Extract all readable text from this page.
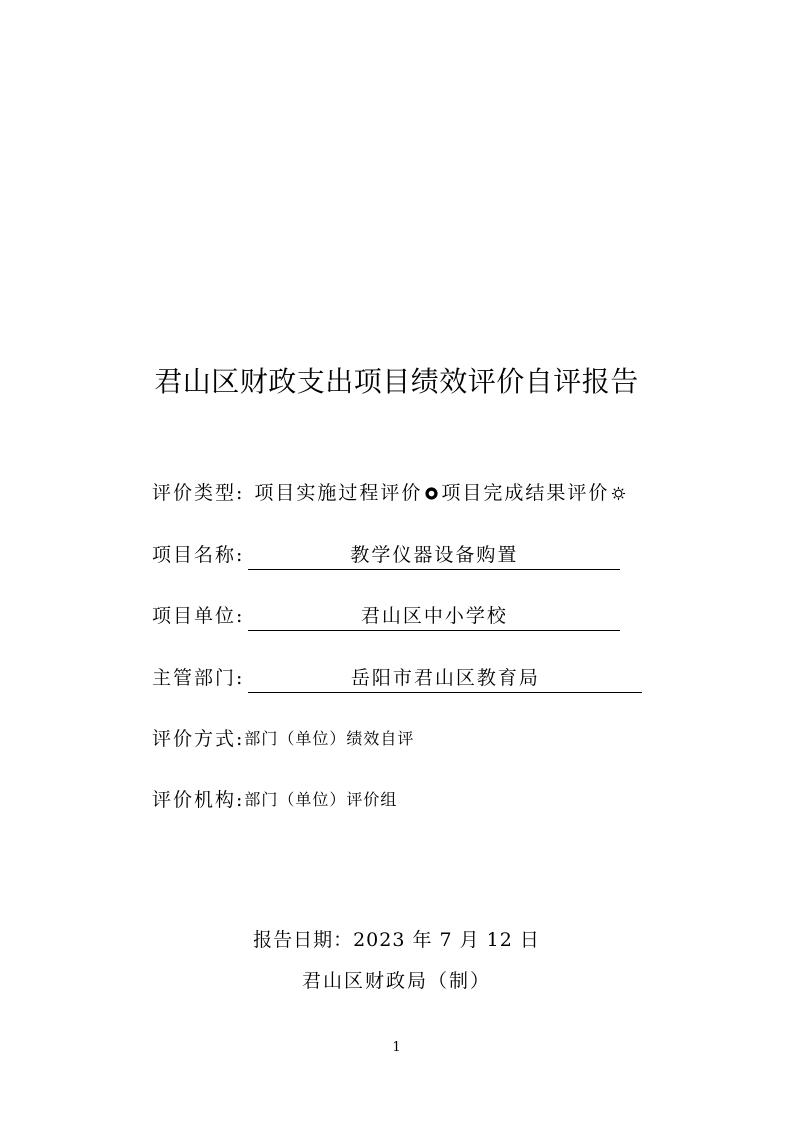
君山区财政支出项目绩效评价自评报告
评价类型: 项目实施过程评价 项目完成结果评价
项目名称:	教学仪器设备购置
项目单位:	君山区中小学校
主管部门:	岳阳市君山区教育局
评价方式: 部门（单位）绩效自评
评价机构: 部门（单位）评价组
报告日期：2023 年 7 月 12 日
君山区财政局（制）
1
